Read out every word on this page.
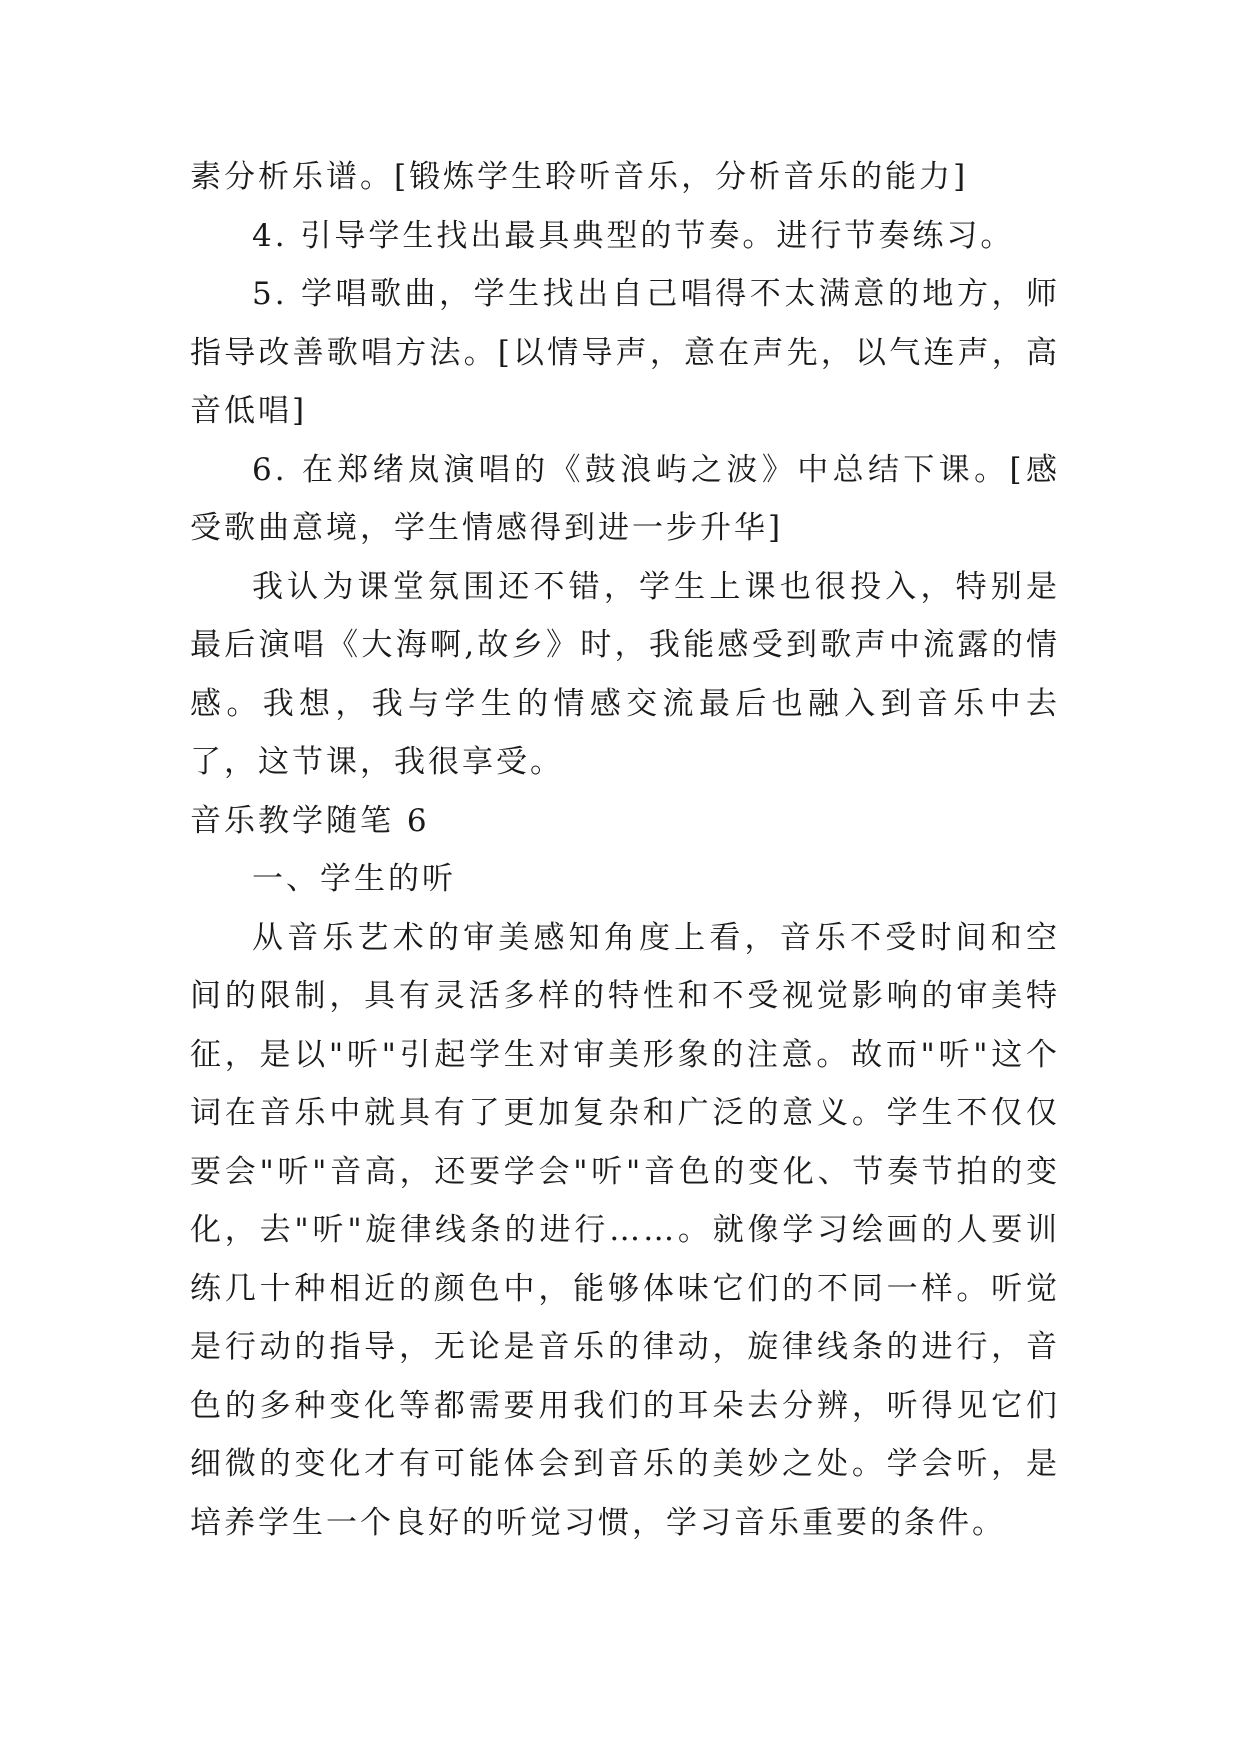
素分析乐谱。[锻炼学生聆听音乐，分析音乐的能力]

4. 引导学生找出最具典型的节奏。进行节奏练习。

5. 学唱歌曲，学生找出自己唱得不太满意的地方，师指导改善歌唱方法。[以情导声，意在声先，以气连声，高音低唱]

6. 在郑绪岚演唱的《鼓浪屿之波》中总结下课。[感受歌曲意境，学生情感得到进一步升华]

我认为课堂氛围还不错，学生上课也很投入，特别是最后演唱《大海啊,故乡》时，我能感受到歌声中流露的情感。我想，我与学生的情感交流最后也融入到音乐中去了，这节课，我很享受。

音乐教学随笔 6

一、学生的听

从音乐艺术的审美感知角度上看，音乐不受时间和空间的限制，具有灵活多样的特性和不受视觉影响的审美特征，是以"听"引起学生对审美形象的注意。故而"听"这个词在音乐中就具有了更加复杂和广泛的意义。学生不仅仅要会"听"音高，还要学会"听"音色的变化、节奏节拍的变化，去"听"旋律线条的进行……。就像学习绘画的人要训练几十种相近的颜色中，能够体味它们的不同一样。听觉是行动的指导，无论是音乐的律动，旋律线条的进行，音色的多种变化等都需要用我们的耳朵去分辨，听得见它们细微的变化才有可能体会到音乐的美妙之处。学会听，是培养学生一个良好的听觉习惯，学习音乐重要的条件。
